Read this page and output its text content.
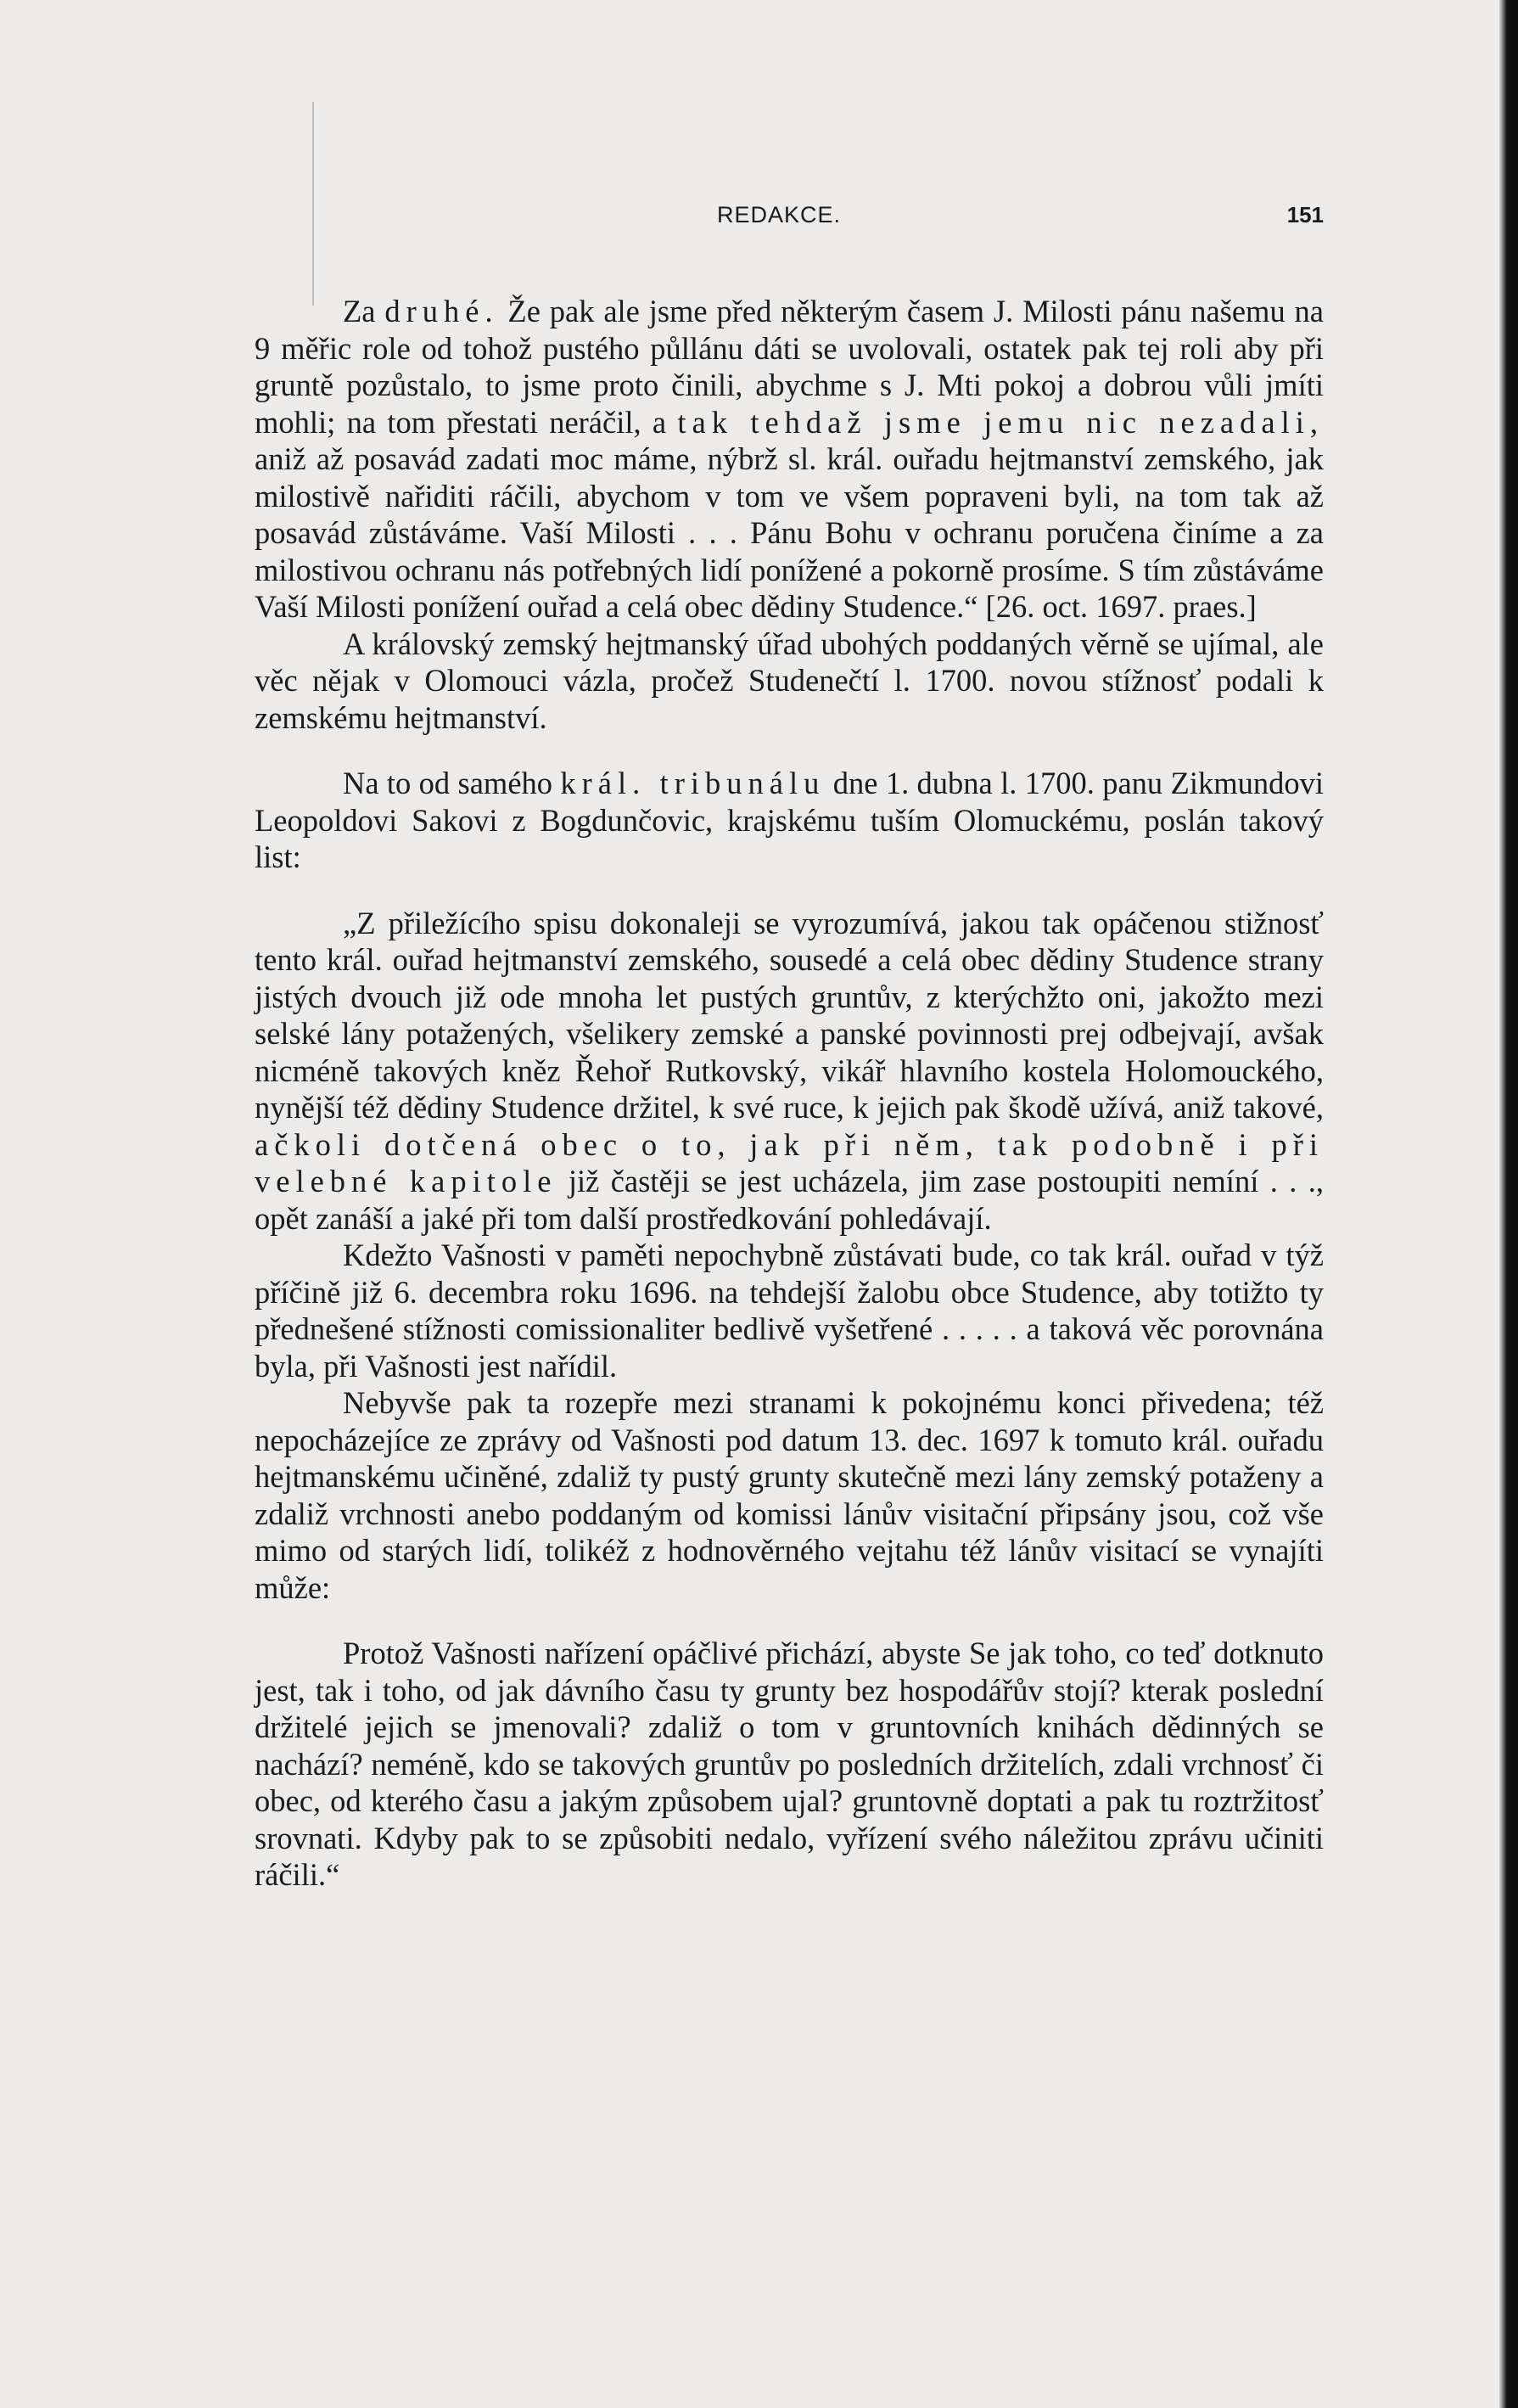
REDAKCE.	151

Za druhé. Že pak ale jsme před některým časem J. Milosti pánu našemu na 9 měřic role od tohož pustého půllánu dáti se uvolovali, ostatek pak tej roli aby při gruntě pozůstalo, to jsme proto činili, abychme s J. Mti pokoj a dobrou vůli jmíti mohli; na tom přestati neráčil, a tak tehdaž jsme jemu nic nezadali, aniž až posavád zadati moc máme, nýbrž sl. král. ouřadu hejtmanství zemského, jak milostivě nařiditi ráčili, abychom v tom ve všem popraveni byli, na tom tak až posavád zůstáváme. Vaší Milosti . . . Pánu Bohu v ochranu poručena činíme a za milostivou ochranu nás potřebných lidí ponížené a pokorně prosíme. S tím zůstáváme Vaší Milosti ponížení ouřad a celá obec dědiny Studence.“ [26. oct. 1697. praes.]

A královský zemský hejtmanský úřad ubohých poddaných věrně se ujímal, ale věc nějak v Olomouci vázla, pročež Studenečtí l. 1700. novou stížnosť podali k zemskému hejtmanství.

Na to od samého král. tribunálu dne 1. dubna l. 1700. panu Zikmundovi Leopoldovi Sakovi z Bogdunčovic, krajskému tuším Olomuckému, poslán takový list:

„Z přiležícího spisu dokonaleji se vyrozumívá, jakou tak opáčenou stižnosť tento král. ouřad hejtmanství zemského, sousedé a celá obec dědiny Studence strany jistých dvouch již ode mnoha let pustých gruntův, z kterýchžto oni, jakožto mezi selské lány potažených, všelikery zemské a panské povinnosti prej odbejvají, avšak nicméně takových kněz Řehoř Rutkovský, vikář hlavního kostela Holomouckého, nynější též dědiny Studence držitel, k své ruce, k jejich pak škodě užívá, aniž takové, ačkoli dotčená obec o to, jak při něm, tak podobně i při velebné kapitole již častěji se jest ucházela, jim zase postoupiti nemíní . . ., opět zanáší a jaké při tom další prostředkování pohledávají.

Kdežto Vašnosti v paměti nepochybně zůstávati bude, co tak král. ouřad v týž příčině již 6. decembra roku 1696. na tehdejší žalobu obce Studence, aby totižto ty přednešené stížnosti comissionaliter bedlivě vyšetřené . . . . . a taková věc porovnána byla, při Vašnosti jest nařídil.

Nebyvše pak ta rozepře mezi stranami k pokojnému konci přivedena; též nepocházejíce ze zprávy od Vašnosti pod datum 13. dec. 1697 k tomuto král. ouřadu hejtmanskému učiněné, zdaliž ty pustý grunty skutečně mezi lány zemský potaženy a zdaliž vrchnosti anebo poddaným od komissi lánův visitační připsány jsou, což vše mimo od starých lidí, tolikéž z hodnověrného vejtahu též lánův visitací se vynajíti může:

Protož Vašnosti nařízení opáčlivé přichází, abyste Se jak toho, co teď dotknuto jest, tak i toho, od jak dávního času ty grunty bez hospodářův stojí? kterak poslední držitelé jejich se jmenovali? zdaliž o tom v gruntovních knihách dědinných se nachází? neméně, kdo se takových gruntův po posledních držitelích, zdali vrchnosť či obec, od kterého času a jakým způsobem ujal? gruntovně doptati a pak tu roztržitosť srovnati. Kdyby pak to se způsobiti nedalo, vyřízení svého náležitou zprávu učiniti ráčili.“
